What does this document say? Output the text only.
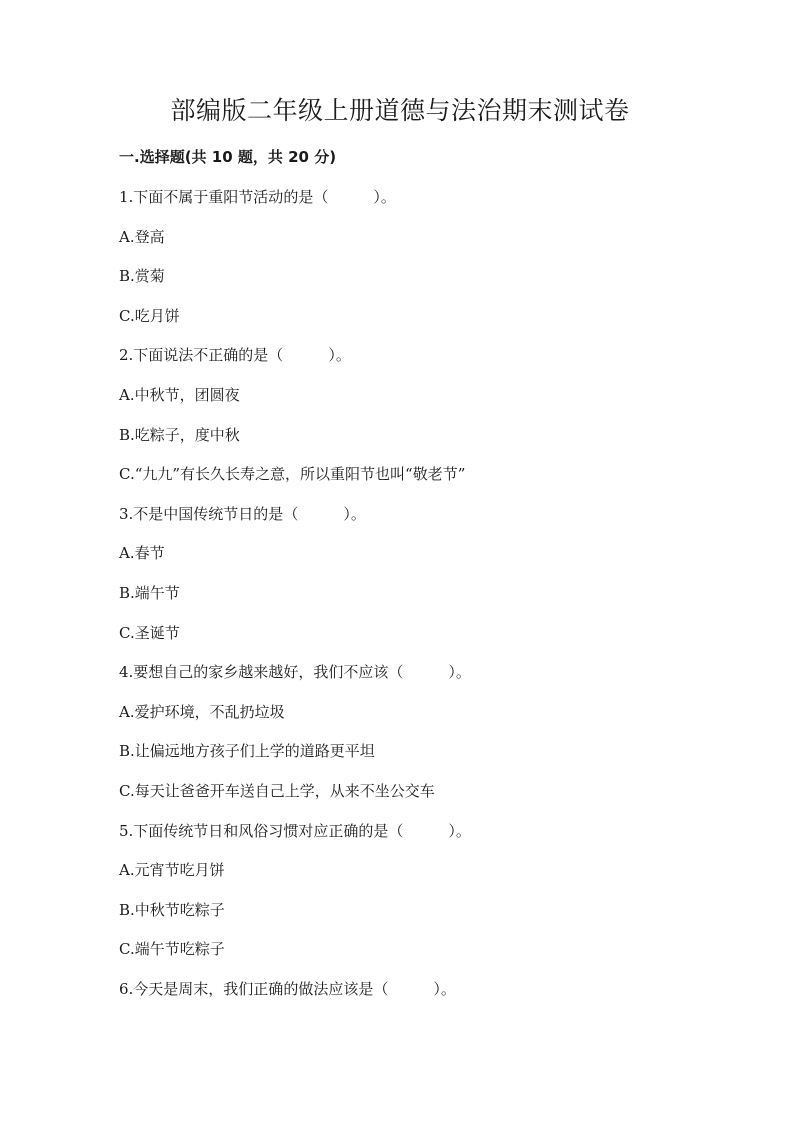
部编版二年级上册道德与法治期末测试卷
一.选择题(共 10 题，共 20 分)
1.下面不属于重阳节活动的是（　　　）。
A.登高
B.赏菊
C.吃月饼
2.下面说法不正确的是（　　　）。
A.中秋节，团圆夜
B.吃粽子，度中秋
C.“九九”有长久长寿之意，所以重阳节也叫“敬老节”
3.不是中国传统节日的是（　　　）。
A.春节
B.端午节
C.圣诞节
4.要想自己的家乡越来越好，我们不应该（　　　）。
A.爱护环境，不乱扔垃圾
B.让偏远地方孩子们上学的道路更平坦
C.每天让爸爸开车送自己上学，从来不坐公交车
5.下面传统节日和风俗习惯对应正确的是（　　　）。
A.元宵节吃月饼
B.中秋节吃粽子
C.端午节吃粽子
6.今天是周末，我们正确的做法应该是（　　　）。
